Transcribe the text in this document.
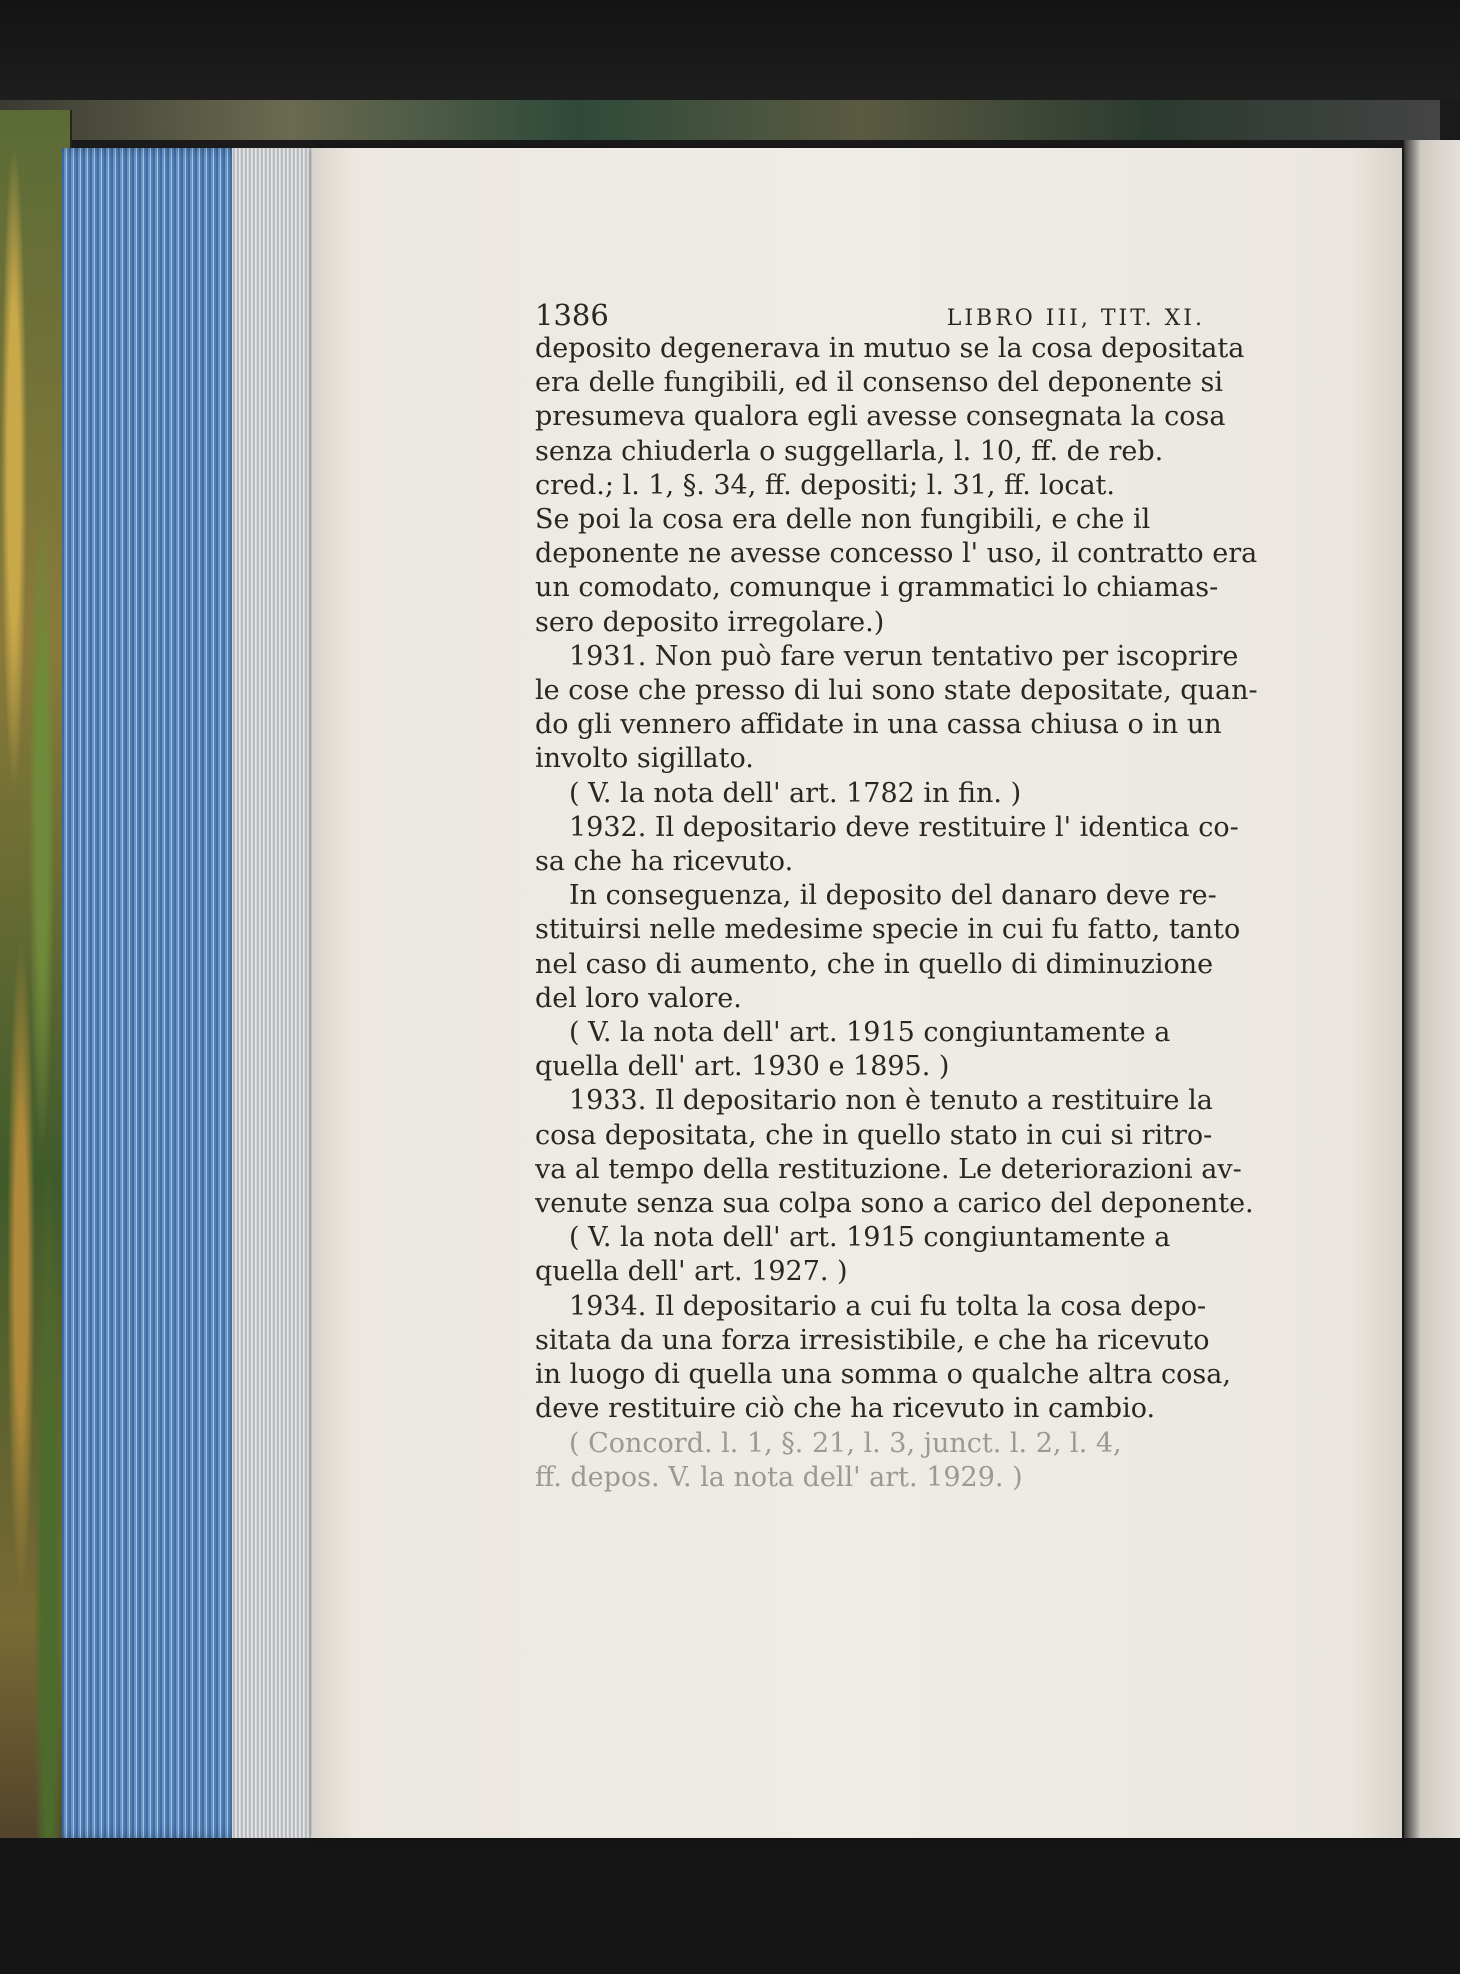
1386	LIBRO III, TIT. XI.
deposito degenerava in mutuo se la cosa depositata
era delle fungibili, ed il consenso del deponente si
presumeva qualora egli avesse consegnata la cosa
senza chiuderla o suggellarla, l. 10, ff. de reb.
cred.; l. 1, §. 34, ff. depositi; l. 31, ff. locat.
Se poi la cosa era delle non fungibili, e che il
deponente ne avesse concesso l' uso, il contratto era
un comodato, comunque i grammatici lo chiamas-
sero deposito irregolare.)
1931. Non può fare verun tentativo per iscoprire
le cose che presso di lui sono state depositate, quan-
do gli vennero affidate in una cassa chiusa o in un
involto sigillato.
( V. la nota dell' art. 1782 in fin. )
1932. Il depositario deve restituire l' identica co-
sa che ha ricevuto.
In conseguenza, il deposito del danaro deve re-
stituirsi nelle medesime specie in cui fu fatto, tanto
nel caso di aumento, che in quello di diminuzione
del loro valore.
( V. la nota dell' art. 1915 congiuntamente a
quella dell' art. 1930 e 1895. )
1933. Il depositario non è tenuto a restituire la
cosa depositata, che in quello stato in cui si ritro-
va al tempo della restituzione. Le deteriorazioni av-
venute senza sua colpa sono a carico del deponente.
( V. la nota dell' art. 1915 congiuntamente a
quella dell' art. 1927. )
1934. Il depositario a cui fu tolta la cosa depo-
sitata da una forza irresistibile, e che ha ricevuto
in luogo di quella una somma o qualche altra cosa,
deve restituire ciò che ha ricevuto in cambio.
( Concord. l. 1, §. 21, l. 3, junct. l. 2, l. 4,
ff. depos. V. la nota dell' art. 1929. )
